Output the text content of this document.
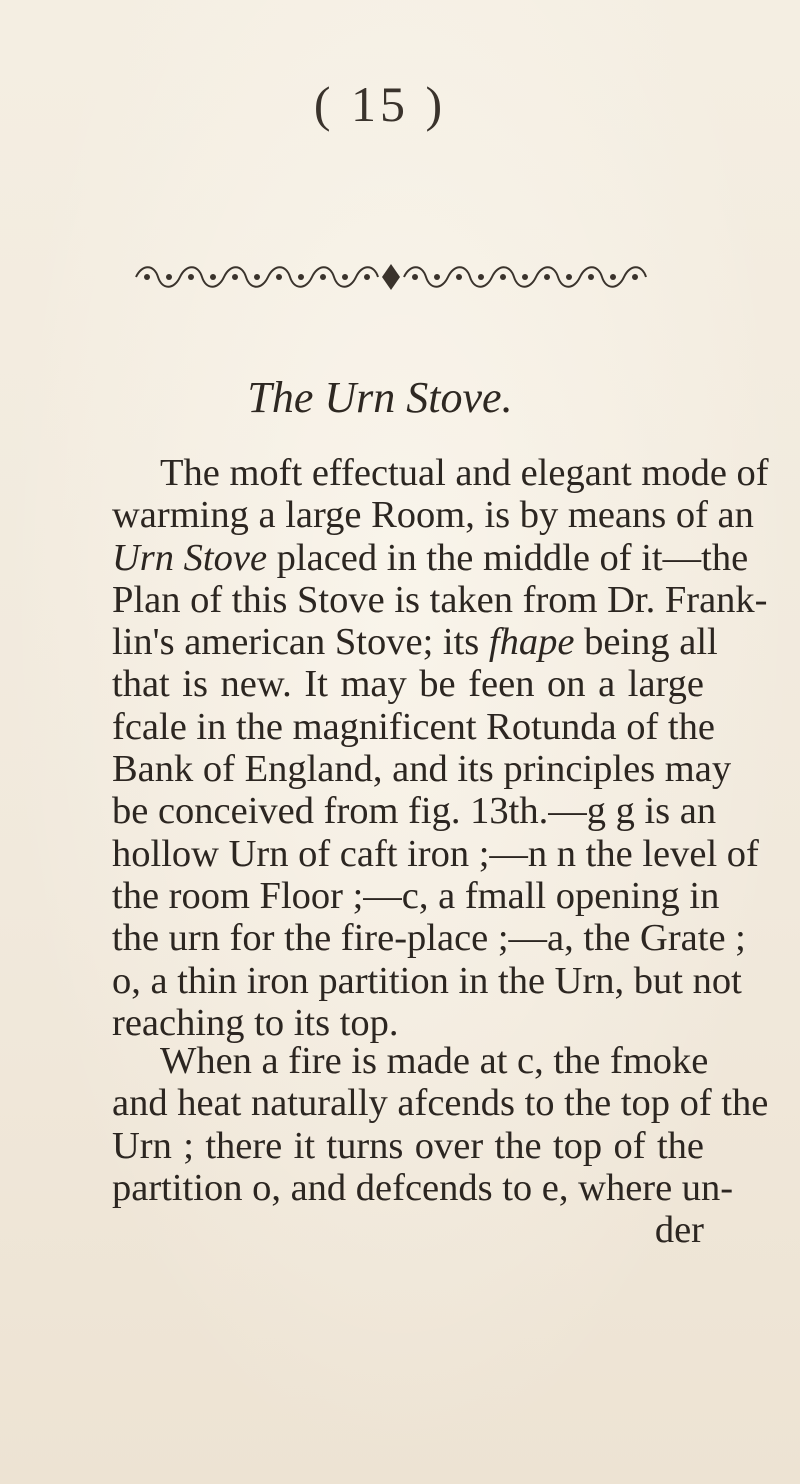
( 15 )
The Urn Stove.
The moft effectual and elegant mode of
warming a large Room, is by means of an
Urn Stove placed in the middle of it—the
Plan of this Stove is taken from Dr. Frank-
lin's american Stove; its fhape being all
that is new. It may be feen on a large
fcale in the magnificent Rotunda of the
Bank of England, and its principles may
be conceived from fig. 13th.—g g is an
hollow Urn of caft iron ;—n n the level of
the room Floor ;—c, a fmall opening in
the urn for the fire-place ;—a, the Grate ;
o, a thin iron partition in the Urn, but not
reaching to its top.
When a fire is made at c, the fmoke
and heat naturally afcends to the top of the
Urn ; there it turns over the top of the
partition o, and defcends to e, where un-
der
